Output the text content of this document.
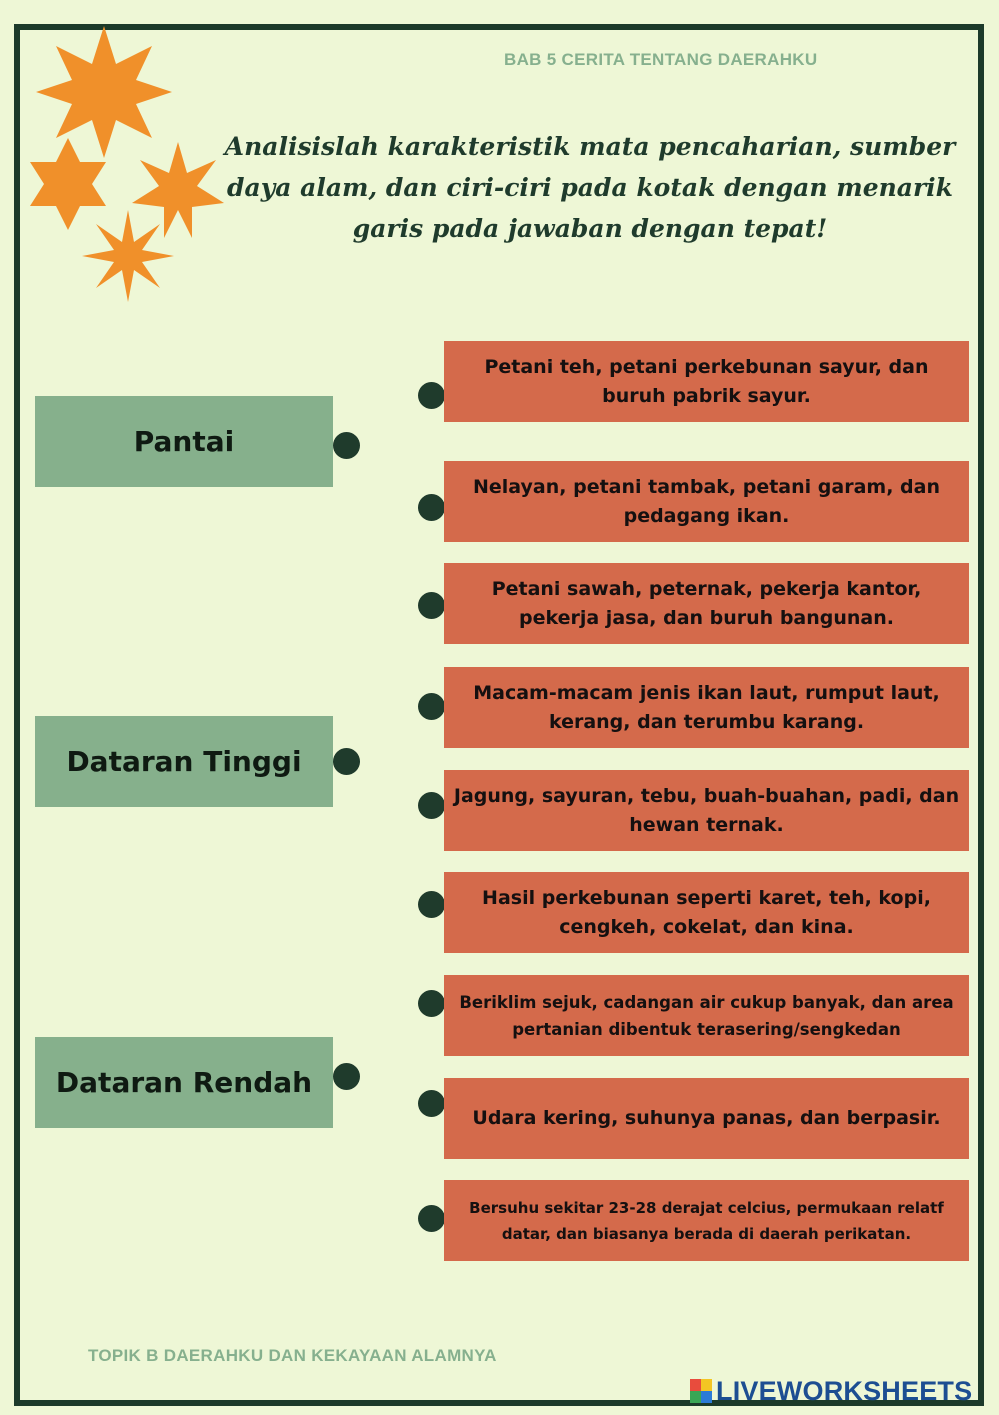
BAB 5 CERITA TENTANG DAERAHKU
Analisislah karakteristik mata pencaharian, sumber daya alam, dan ciri-ciri pada kotak dengan menarik garis pada jawaban dengan tepat!
Pantai
Dataran Tinggi
Dataran Rendah
Petani teh, petani perkebunan sayur, dan buruh pabrik sayur.
Nelayan, petani tambak, petani garam, dan pedagang ikan.
Petani sawah, peternak, pekerja kantor, pekerja jasa, dan buruh bangunan.
Macam-macam jenis ikan laut, rumput laut, kerang, dan terumbu karang.
Jagung, sayuran, tebu, buah-buahan, padi, dan hewan ternak.
Hasil perkebunan seperti karet, teh, kopi, cengkeh, cokelat, dan kina.
Beriklim sejuk, cadangan air cukup banyak, dan area pertanian dibentuk terasering/sengkedan
Udara kering, suhunya panas, dan berpasir.
Bersuhu sekitar 23-28 derajat celcius, permukaan relatf datar, dan biasanya berada di daerah perikatan.
TOPIK B DAERAHKU DAN KEKAYAAN ALAMNYA
LIVEWORKSHEETS
